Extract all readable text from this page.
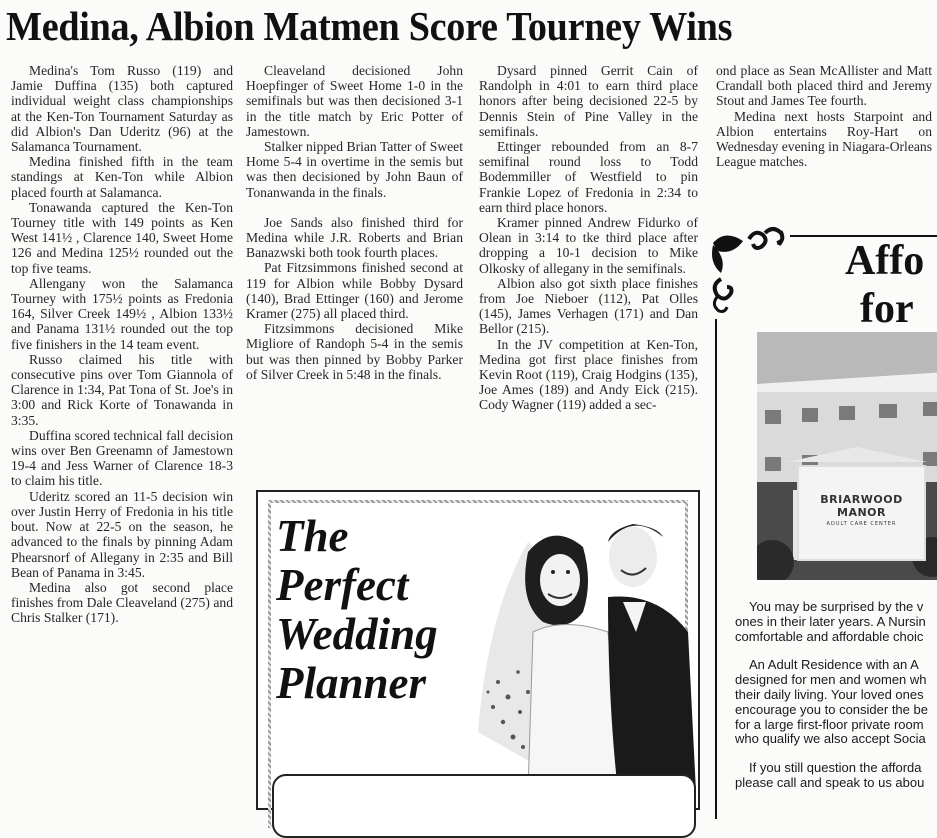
Medina, Albion Matmen Score Tourney Wins

Medina's Tom Russo (119) and Jamie Duffina (135) both captured individual weight class championships at the Ken-Ton Tournament Saturday as did Albion's Dan Uderitz (96) at the Salamanca Tournament.

Medina finished fifth in the team standings at Ken-Ton while Albion placed fourth at Salamanca.

Tonawanda captured the Ken-Ton Tourney title with 149 points as Ken West 141½ , Clarence 140, Sweet Home 126 and Medina 125½ rounded out the top five teams.

Allengany won the Salamanca Tourney with 175½ points as Fredonia 164, Silver Creek 149½ , Albion 133½ and Panama 131½ rounded out the top five finishers in the 14 team event.

Russo claimed his title with consecutive pins over Tom Giannola of Clarence in 1:34, Pat Tona of St. Joe's in 3:00 and Rick Korte of Tonawanda in 3:35.

Duffina scored technical fall decision wins over Ben Greenamn of Jamestown 19-4 and Jess Warner of Clarence 18-3 to claim his title.

Uderitz scored an 11-5 decision win over Justin Herry of Fredonia in his title bout. Now at 22-5 on the season, he advanced to the finals by pinning Adam Phearsnorf of Allegany in 2:35 and Bill Bean of Panama in 3:45.

Medina also got second place finishes from Dale Cleaveland (275) and Chris Stalker (171).

Cleaveland decisioned John Hoepfinger of Sweet Home 1-0 in the semifinals but was then decisioned 3-1 in the title match by Eric Potter of Jamestown.

Stalker nipped Brian Tatter of Sweet Home 5-4 in overtime in the semis but was then decisioned by John Baun of Tonanwanda in the finals.

Joe Sands also finished third for Medina while J.R. Roberts and Brian Banazwski both took fourth places.

Pat Fitzsimmons finished second at 119 for Albion while Bobby Dysard (140), Brad Ettinger (160) and Jerome Kramer (275) all placed third.

Fitzsimmons decisioned Mike Migliore of Randoph 5-4 in the semis but was then pinned by Bobby Parker of Silver Creek in 5:48 in the finals.

Dysard pinned Gerrit Cain of Randolph in 4:01 to earn third place honors after being decisioned 22-5 by Dennis Stein of Pine Valley in the semifinals.

Ettinger rebounded from an 8-7 semifinal round loss to Todd Bodemmiller of Westfield to pin Frankie Lopez of Fredonia in 2:34 to earn third place honors.

Kramer pinned Andrew Fidurko of Olean in 3:14 to tke third place after dropping a 10-1 decision to Mike Olkosky of allegany in the semifinals.

Albion also got sixth place finishes from Joe Nieboer (112), Pat Olles (145), James Verhagen (171) and Dan Bellor (215).

In the JV competition at Ken-Ton, Medina got first place finishes from Kevin Root (119), Craig Hodgins (135), Joe Ames (189) and Andy Eick (215). Cody Wagner (119) added a sec-

ond place as Sean McAllister and Matt Crandall both placed third and Jeremy Stout and James Tee fourth.

Medina next hosts Starpoint and Albion entertains Roy-Hart on Wednesday evening in Niagara-Orleans League matches.

The
Perfect
Wedding
Planner
Affo
for
BRIARWOOD
MANOR
ADULT CARE CENTER

You may be surprised by the v
ones in their later years. A Nursin
comfortable and affordable choic

An Adult Residence with an A
designed for men and women wh
their daily living. Your loved ones
encourage you to consider the be
for a large first-floor private room
who qualify we also accept Socia

If you still question the afforda
please call and speak to us abou
